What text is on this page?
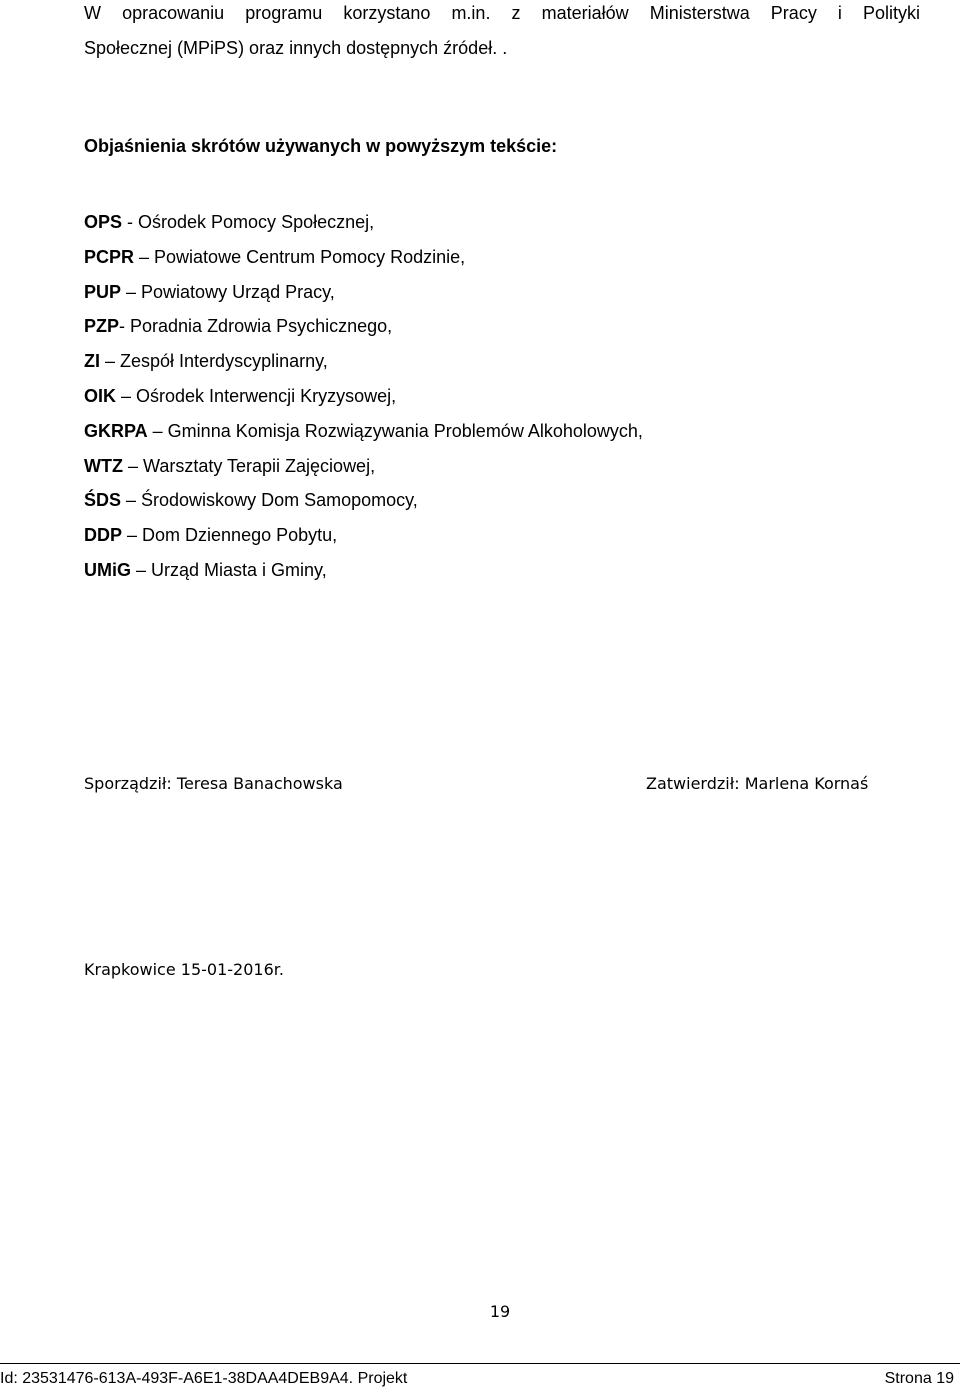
W opracowaniu programu korzystano m.in. z materiałów Ministerstwa Pracy i Polityki
Społecznej (MPiPS) oraz innych dostępnych źródeł. .

Objaśnienia skrótów używanych w powyższym tekście:
OPS - Ośrodek Pomocy Społecznej,
PCPR – Powiatowe Centrum Pomocy Rodzinie,
PUP – Powiatowy Urząd Pracy,
PZP- Poradnia Zdrowia Psychicznego,
ZI – Zespół Interdyscyplinarny,
OIK – Ośrodek Interwencji Kryzysowej,
GKRPA – Gminna Komisja Rozwiązywania Problemów Alkoholowych,
WTZ – Warsztaty Terapii Zajęciowej,
ŚDS – Środowiskowy Dom Samopomocy,
DDP – Dom Dziennego Pobytu,
UMiG – Urząd Miasta i Gminy,
Sporządził: Teresa Banachowska	Zatwierdził: Marlena Kornaś
Krapkowice 15-01-2016r.
19
Id: 23531476-613A-493F-A6E1-38DAA4DEB9A4. Projekt	Strona 19
